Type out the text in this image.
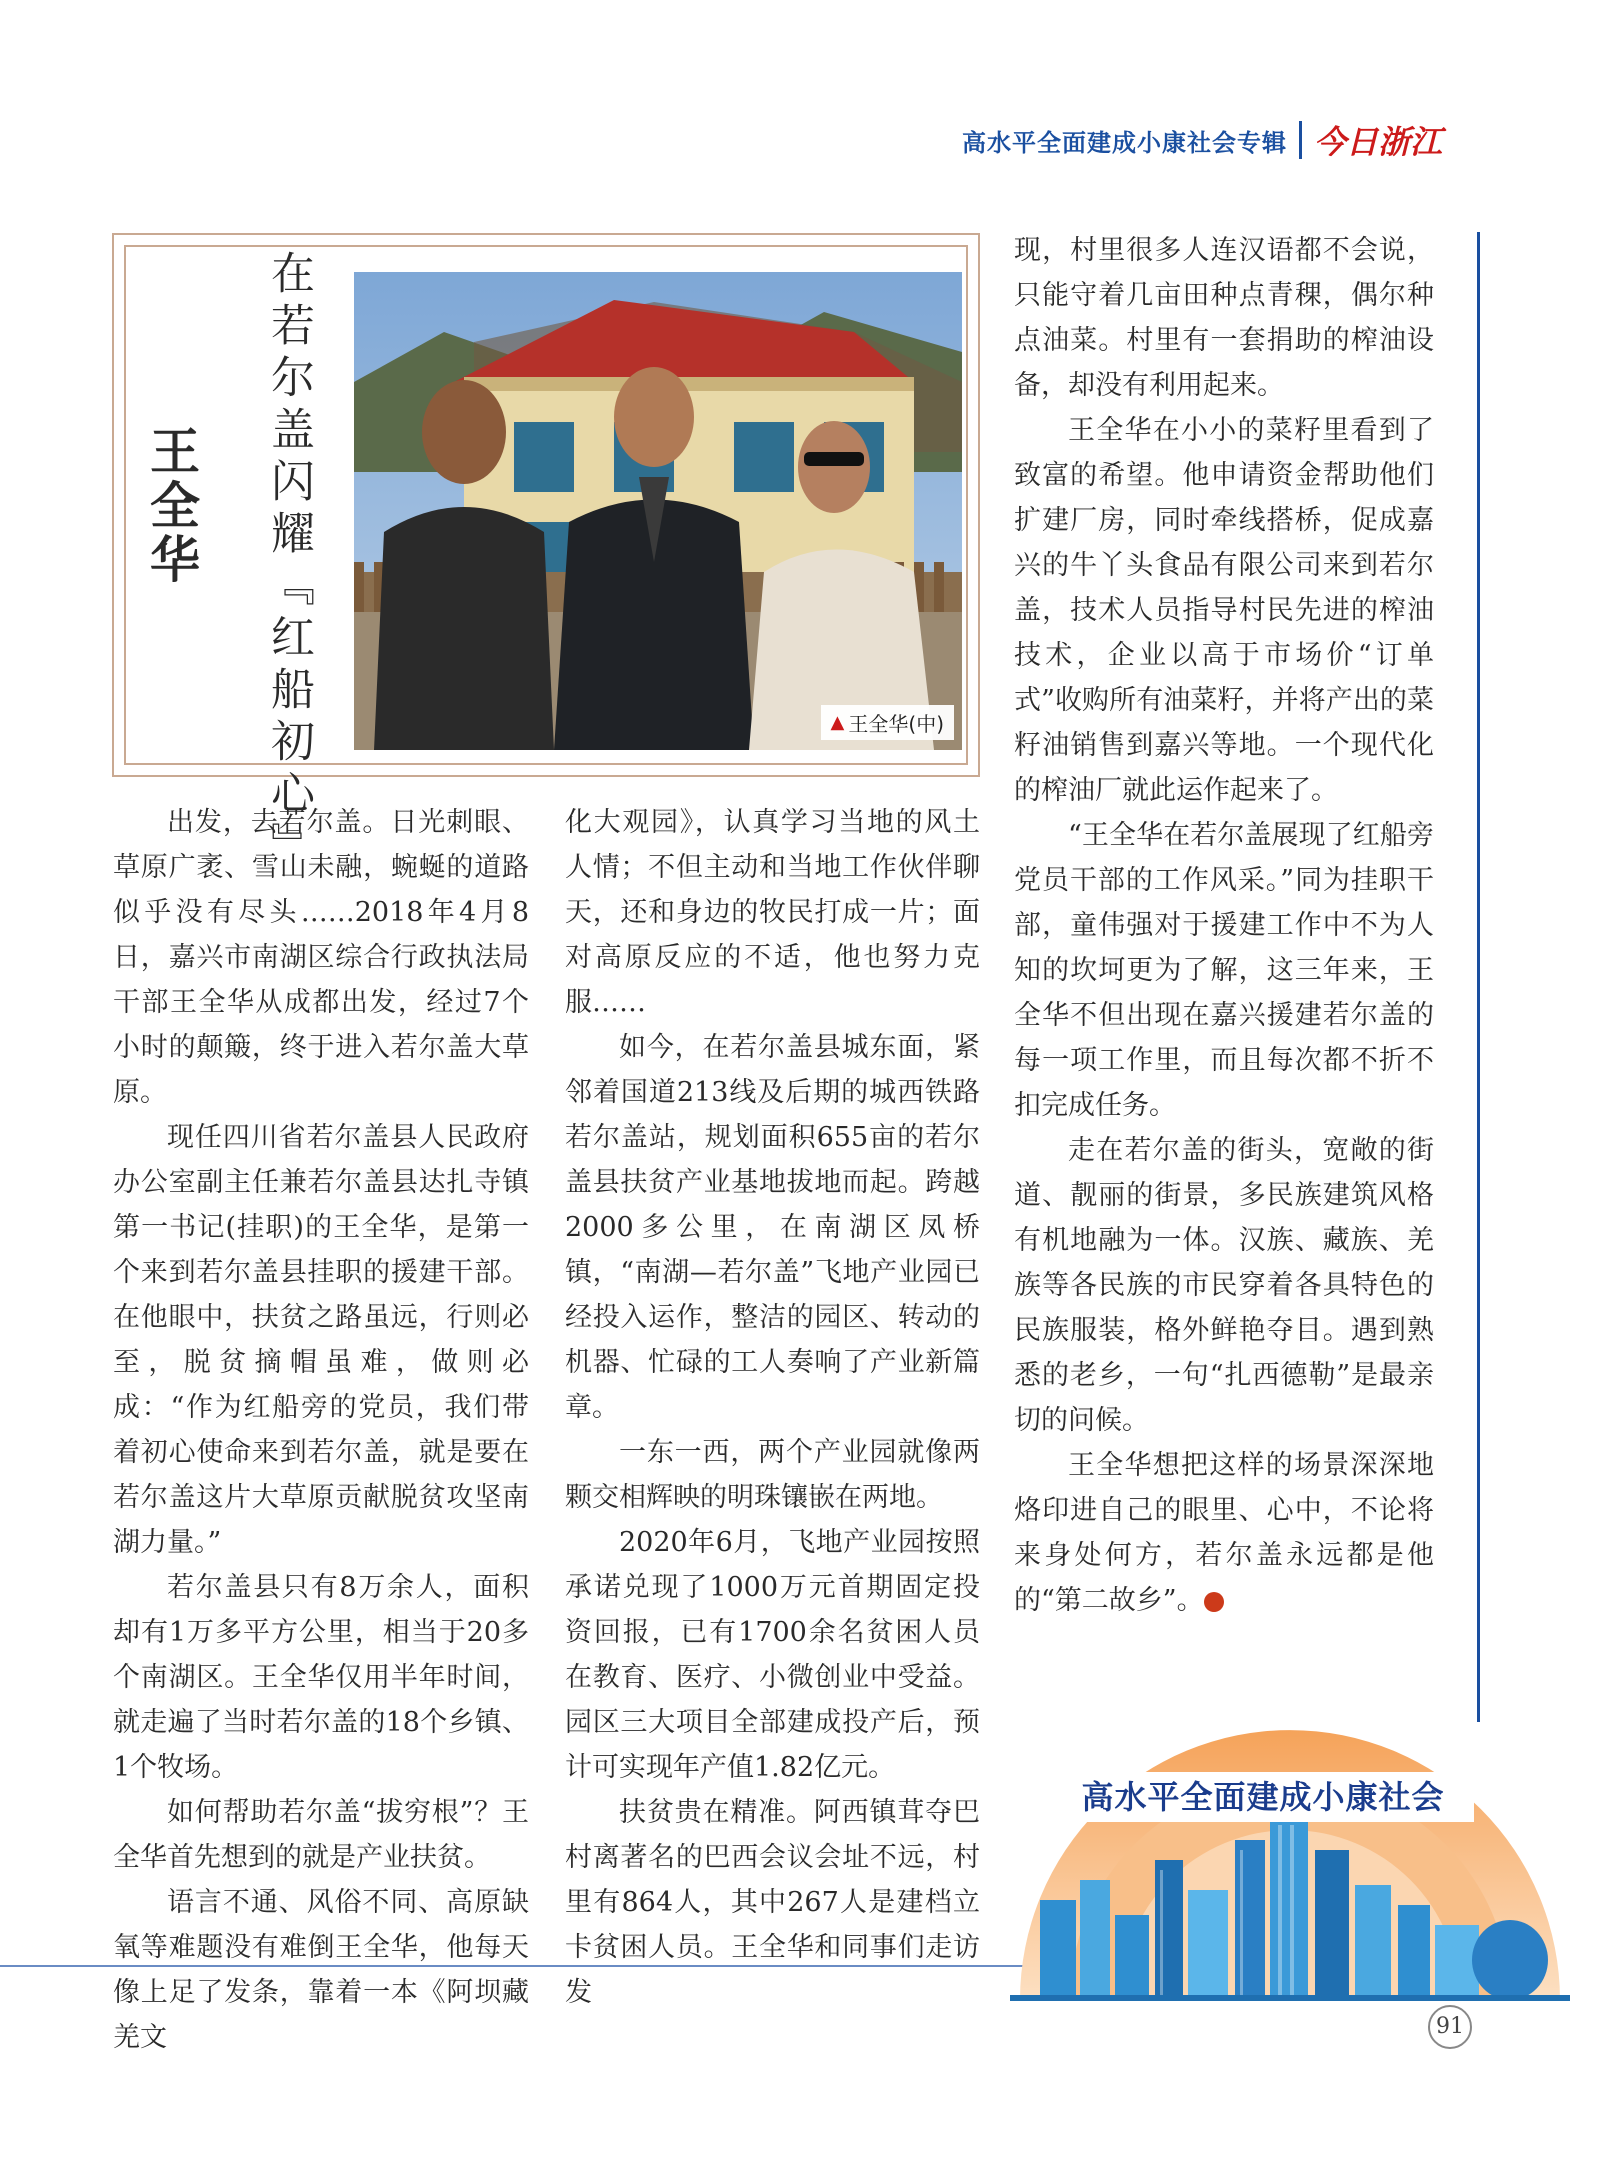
高水平全面建成小康社会专辑 今日浙江
王全华 在若尔盖闪耀『红船初心』	▲ 王全华(中)

出发，去若尔盖。日光刺眼、草原广袤、雪山未融，蜿蜒的道路似乎没有尽头……2018年4月8日，嘉兴市南湖区综合行政执法局干部王全华从成都出发，经过7个小时的颠簸，终于进入若尔盖大草原。

现任四川省若尔盖县人民政府办公室副主任兼若尔盖县达扎寺镇第一书记(挂职)的王全华，是第一个来到若尔盖县挂职的援建干部。在他眼中，扶贫之路虽远，行则必至，脱贫摘帽虽难，做则必成：“作为红船旁的党员，我们带着初心使命来到若尔盖，就是要在若尔盖这片大草原贡献脱贫攻坚南湖力量。”

若尔盖县只有8万余人，面积却有1万多平方公里，相当于20多个南湖区。王全华仅用半年时间，就走遍了当时若尔盖的18个乡镇、1个牧场。

如何帮助若尔盖“拔穷根”？王全华首先想到的就是产业扶贫。

语言不通、风俗不同、高原缺氧等难题没有难倒王全华，他每天像上足了发条，靠着一本《阿坝藏羌文

化大观园》，认真学习当地的风土人情；不但主动和当地工作伙伴聊天，还和身边的牧民打成一片；面对高原反应的不适，他也努力克服……

如今，在若尔盖县城东面，紧邻着国道213线及后期的城西铁路若尔盖站，规划面积655亩的若尔盖县扶贫产业基地拔地而起。跨越2000多公里，在南湖区凤桥镇，“南湖—若尔盖”飞地产业园已经投入运作，整洁的园区、转动的机器、忙碌的工人奏响了产业新篇章。

一东一西，两个产业园就像两颗交相辉映的明珠镶嵌在两地。

2020年6月，飞地产业园按照承诺兑现了1000万元首期固定投资回报，已有1700余名贫困人员在教育、医疗、小微创业中受益。园区三大项目全部建成投产后，预计可实现年产值1.82亿元。

扶贫贵在精准。阿西镇茸夺巴村离著名的巴西会议会址不远，村里有864人，其中267人是建档立卡贫困人员。王全华和同事们走访发

现，村里很多人连汉语都不会说，只能守着几亩田种点青稞，偶尔种点油菜。村里有一套捐助的榨油设备，却没有利用起来。

王全华在小小的菜籽里看到了致富的希望。他申请资金帮助他们扩建厂房，同时牵线搭桥，促成嘉兴的牛丫头食品有限公司来到若尔盖，技术人员指导村民先进的榨油技术，企业以高于市场价“订单式”收购所有油菜籽，并将产出的菜籽油销售到嘉兴等地。一个现代化的榨油厂就此运作起来了。

“王全华在若尔盖展现了红船旁党员干部的工作风采。”同为挂职干部，童伟强对于援建工作中不为人知的坎坷更为了解，这三年来，王全华不但出现在嘉兴援建若尔盖的每一项工作里，而且每次都不折不扣完成任务。

走在若尔盖的街头，宽敞的街道、靓丽的街景，多民族建筑风格有机地融为一体。汉族、藏族、羌族等各民族的市民穿着各具特色的民族服装，格外鲜艳夺目。遇到熟悉的老乡，一句“扎西德勒”是最亲切的问候。

王全华想把这样的场景深深地烙印进自己的眼里、心中，不论将来身处何方，若尔盖永远都是他的“第二故乡”。	今

高水平全面建成小康社会
91
